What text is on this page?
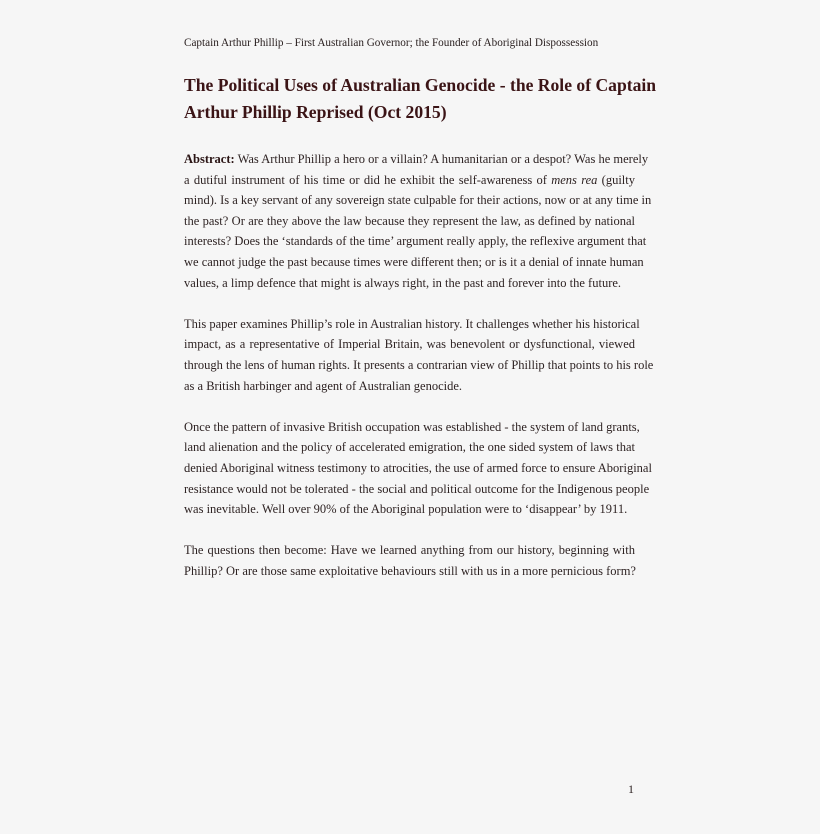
Captain Arthur Phillip – First Australian Governor; the Founder of Aboriginal Dispossession
The Political Uses of Australian Genocide - the Role of Captain
Arthur Phillip Reprised (Oct 2015)
Abstract: Was Arthur Phillip a hero or a villain? A humanitarian or a despot? Was he merely
a dutiful instrument of his time or did he exhibit the self-awareness of mens rea (guilty
mind). Is a key servant of any sovereign state culpable for their actions, now or at any time in
the past? Or are they above the law because they represent the law, as defined by national
interests? Does the ‘standards of the time’ argument really apply, the reflexive argument that
we cannot judge the past because times were different then; or is it a denial of innate human
values, a limp defence that might is always right, in the past and forever into the future.
This paper examines Phillip’s role in Australian history. It challenges whether his historical
impact, as a representative of Imperial Britain, was benevolent or dysfunctional, viewed
through the lens of human rights. It presents a contrarian view of Phillip that points to his role
as a British harbinger and agent of Australian genocide.
Once the pattern of invasive British occupation was established - the system of land grants,
land alienation and the policy of accelerated emigration, the one sided system of laws that
denied Aboriginal witness testimony to atrocities, the use of armed force to ensure Aboriginal
resistance would not be tolerated - the social and political outcome for the Indigenous people
was inevitable. Well over 90% of the Aboriginal population were to ‘disappear’ by 1911.
The questions then become: Have we learned anything from our history, beginning with
Phillip? Or are those same exploitative behaviours still with us in a more pernicious form?
1
